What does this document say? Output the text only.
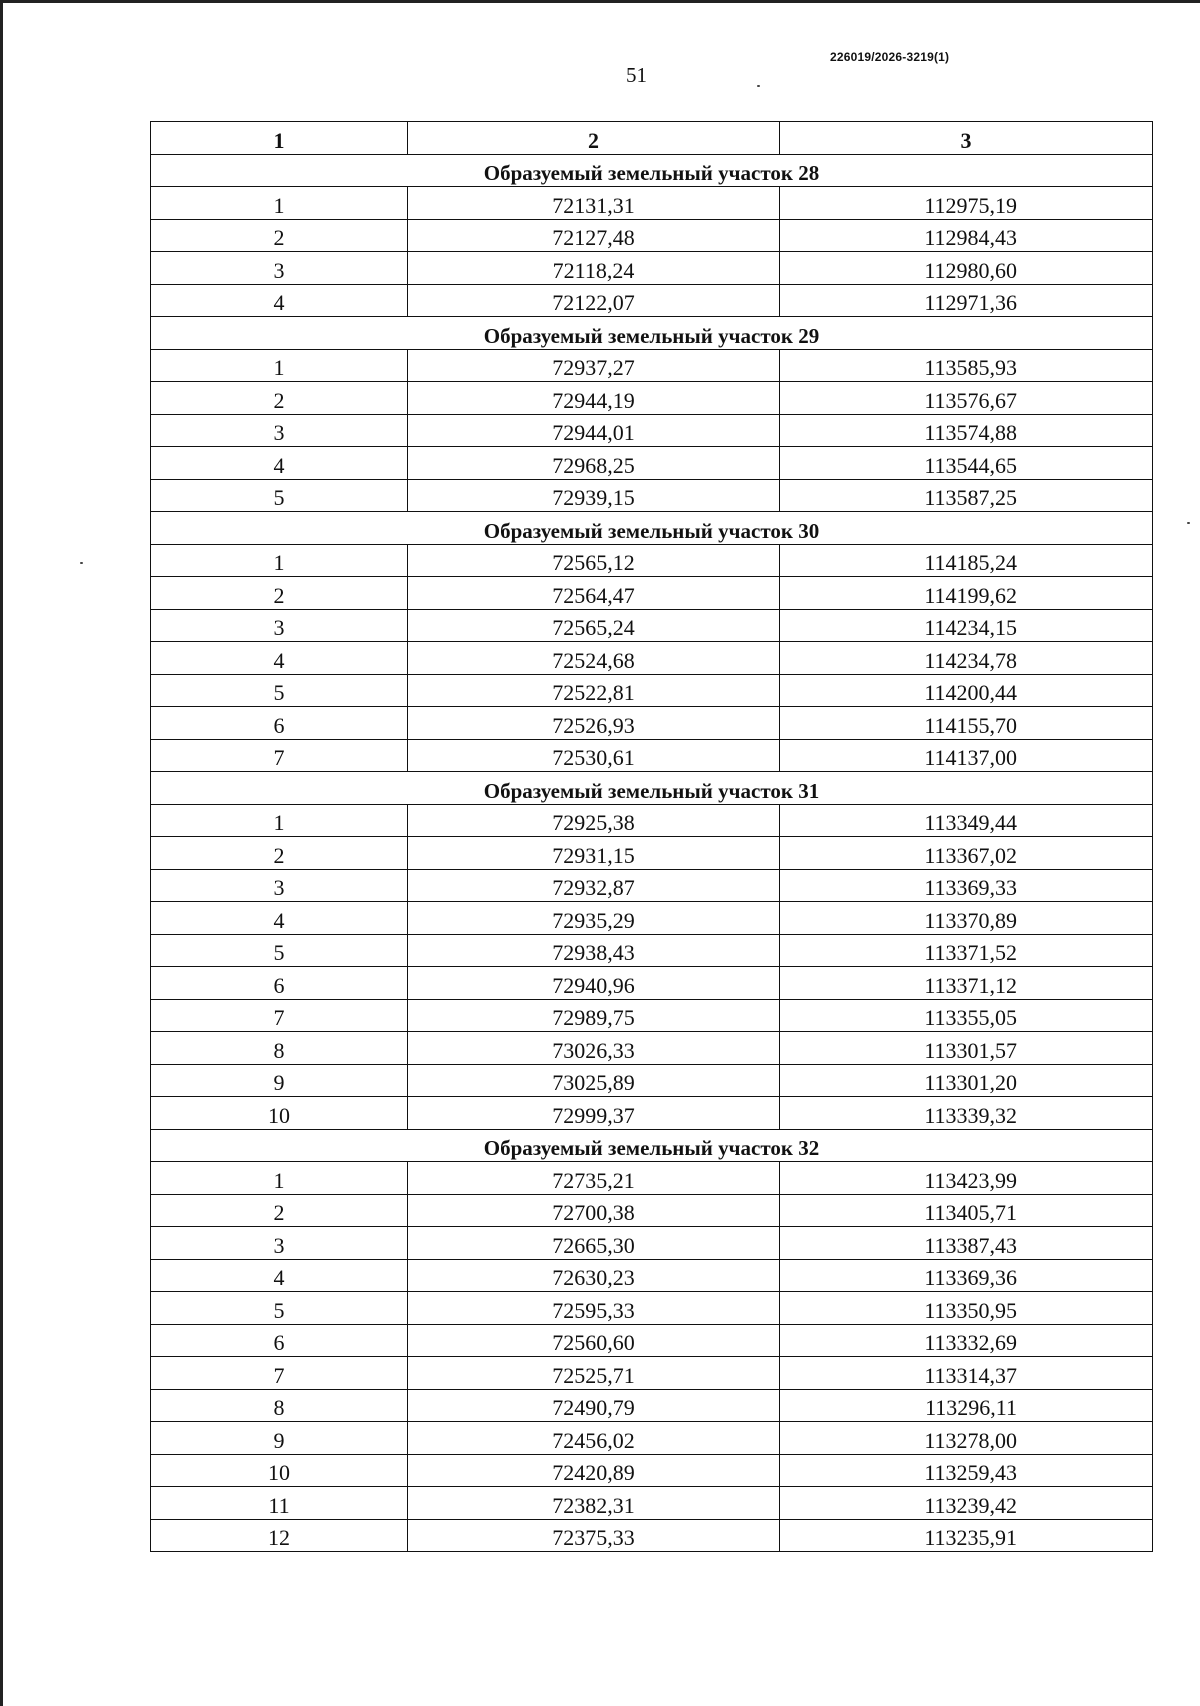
226019/2026-3219(1)
51
1	2	3
Образуемый земельный участок 28		
1	72131,31	112975,19
2	72127,48	112984,43
3	72118,24	112980,60
4	72122,07	112971,36
Образуемый земельный участок 29		
1	72937,27	113585,93
2	72944,19	113576,67
3	72944,01	113574,88
4	72968,25	113544,65
5	72939,15	113587,25
Образуемый земельный участок 30		
1	72565,12	114185,24
2	72564,47	114199,62
3	72565,24	114234,15
4	72524,68	114234,78
5	72522,81	114200,44
6	72526,93	114155,70
7	72530,61	114137,00
Образуемый земельный участок 31		
1	72925,38	113349,44
2	72931,15	113367,02
3	72932,87	113369,33
4	72935,29	113370,89
5	72938,43	113371,52
6	72940,96	113371,12
7	72989,75	113355,05
8	73026,33	113301,57
9	73025,89	113301,20
10	72999,37	113339,32
Образуемый земельный участок 32		
1	72735,21	113423,99
2	72700,38	113405,71
3	72665,30	113387,43
4	72630,23	113369,36
5	72595,33	113350,95
6	72560,60	113332,69
7	72525,71	113314,37
8	72490,79	113296,11
9	72456,02	113278,00
10	72420,89	113259,43
11	72382,31	113239,42
12	72375,33	113235,91
